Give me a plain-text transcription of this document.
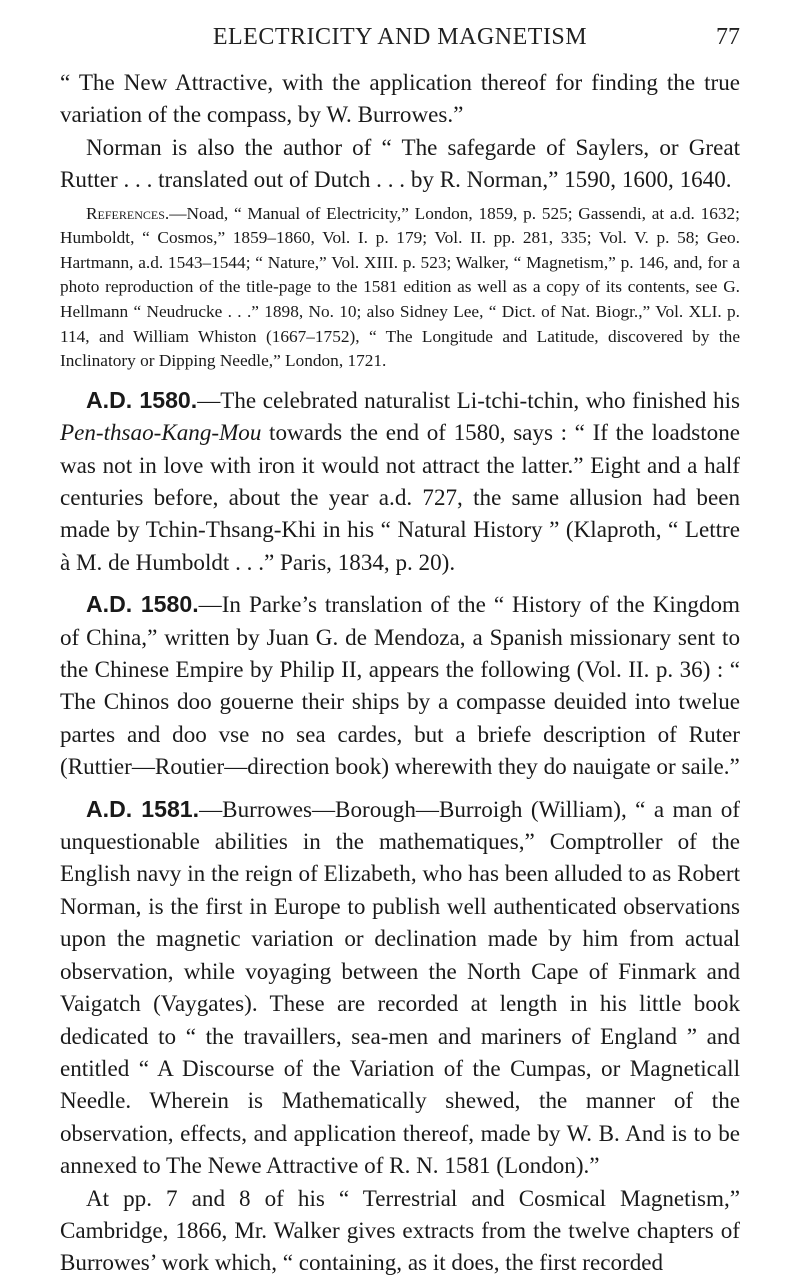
ELECTRICITY AND MAGNETISM	77

“ The New Attractive, with the application thereof for finding the true variation of the compass, by W. Burrowes.”

Norman is also the author of “ The safegarde of Saylers, or Great Rutter . . . translated out of Dutch . . . by R. Norman,” 1590, 1600, 1640.

References.—Noad, “ Manual of Electricity,” London, 1859, p. 525; Gassendi, at a.d. 1632; Humboldt, “ Cosmos,” 1859–1860, Vol. I. p. 179; Vol. II. pp. 281, 335; Vol. V. p. 58; Geo. Hartmann, a.d. 1543–1544; “ Nature,” Vol. XIII. p. 523; Walker, “ Magnetism,” p. 146, and, for a photo reproduction of the title-page to the 1581 edition as well as a copy of its contents, see G. Hellmann “ Neudrucke . . .” 1898, No. 10; also Sidney Lee, “ Dict. of Nat. Biogr.,” Vol. XLI. p. 114, and William Whiston (1667–1752), “ The Longitude and Latitude, discovered by the Inclinatory or Dipping Needle,” London, 1721.

A.D. 1580.—The celebrated naturalist Li-tchi-tchin, who finished his Pen-thsao-Kang-Mou towards the end of 1580, says : “ If the loadstone was not in love with iron it would not attract the latter.” Eight and a half centuries before, about the year a.d. 727, the same allusion had been made by Tchin-Thsang-Khi in his “ Natural History ” (Klaproth, “ Lettre à M. de Humboldt . . .” Paris, 1834, p. 20).

A.D. 1580.—In Parke’s translation of the “ History of the Kingdom of China,” written by Juan G. de Mendoza, a Spanish missionary sent to the Chinese Empire by Philip II, appears the following (Vol. II. p. 36) : “ The Chinos doo gouerne their ships by a compasse deuided into twelue partes and doo vse no sea cardes, but a briefe description of Ruter (Ruttier—Routier—direction book) wherewith they do nauigate or saile.”

A.D. 1581.—Burrowes—Borough—Burroigh (William), “ a man of unquestionable abilities in the mathematiques,” Comptroller of the English navy in the reign of Elizabeth, who has been alluded to as Robert Norman, is the first in Europe to publish well authenticated observations upon the magnetic variation or declination made by him from actual observation, while voyaging between the North Cape of Finmark and Vaigatch (Vaygates). These are recorded at length in his little book dedicated to “ the travaillers, sea-men and mariners of England ” and entitled “ A Discourse of the Variation of the Cumpas, or Magneticall Needle. Wherein is Mathematically shewed, the manner of the observation, effects, and application thereof, made by W. B. And is to be annexed to The Newe Attractive of R. N. 1581 (London).”

At pp. 7 and 8 of his “ Terrestrial and Cosmical Magnetism,” Cambridge, 1866, Mr. Walker gives extracts from the twelve chapters of Burrowes’ work which, “ containing, as it does, the first recorded
